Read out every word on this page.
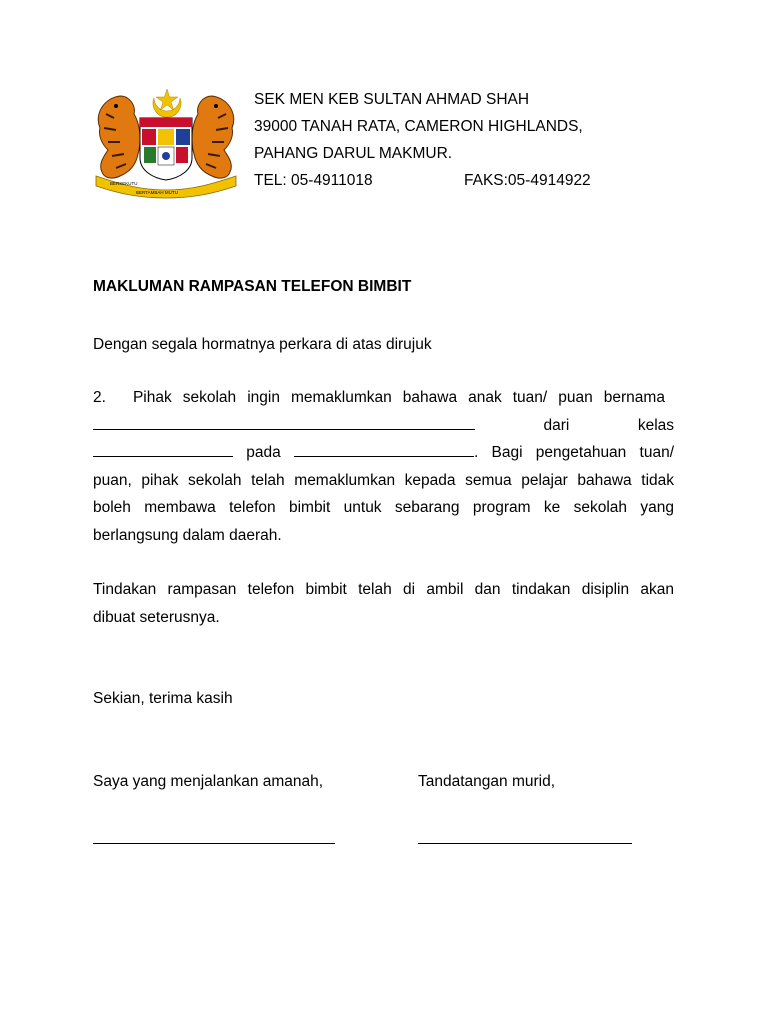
BERSEKUTU
BERTAMBAH MUTU
SEK MEN KEB SULTAN AHMAD SHAH
39000 TANAH RATA, CAMERON HIGHLANDS,
PAHANG DARUL MAKMUR.
TEL: 05-4911018	FAKS:05-4914922
MAKLUMAN RAMPASAN TELEFON BIMBIT
Dengan segala hormatnya perkara di atas dirujuk
2. Pihak sekolah ingin memaklumkan bahawa anak tuan/ puan bernama
dari	kelas
pada	. Bagi pengetahuan tuan/
puan, pihak sekolah telah memaklumkan kepada semua pelajar bahawa tidak
boleh membawa telefon bimbit untuk sebarang program ke sekolah yang
berlangsung dalam daerah.
Tindakan rampasan telefon bimbit telah di ambil dan tindakan disiplin akan
dibuat seterusnya.
Sekian, terima kasih
Saya yang menjalankan amanah,	Tandatangan murid,
